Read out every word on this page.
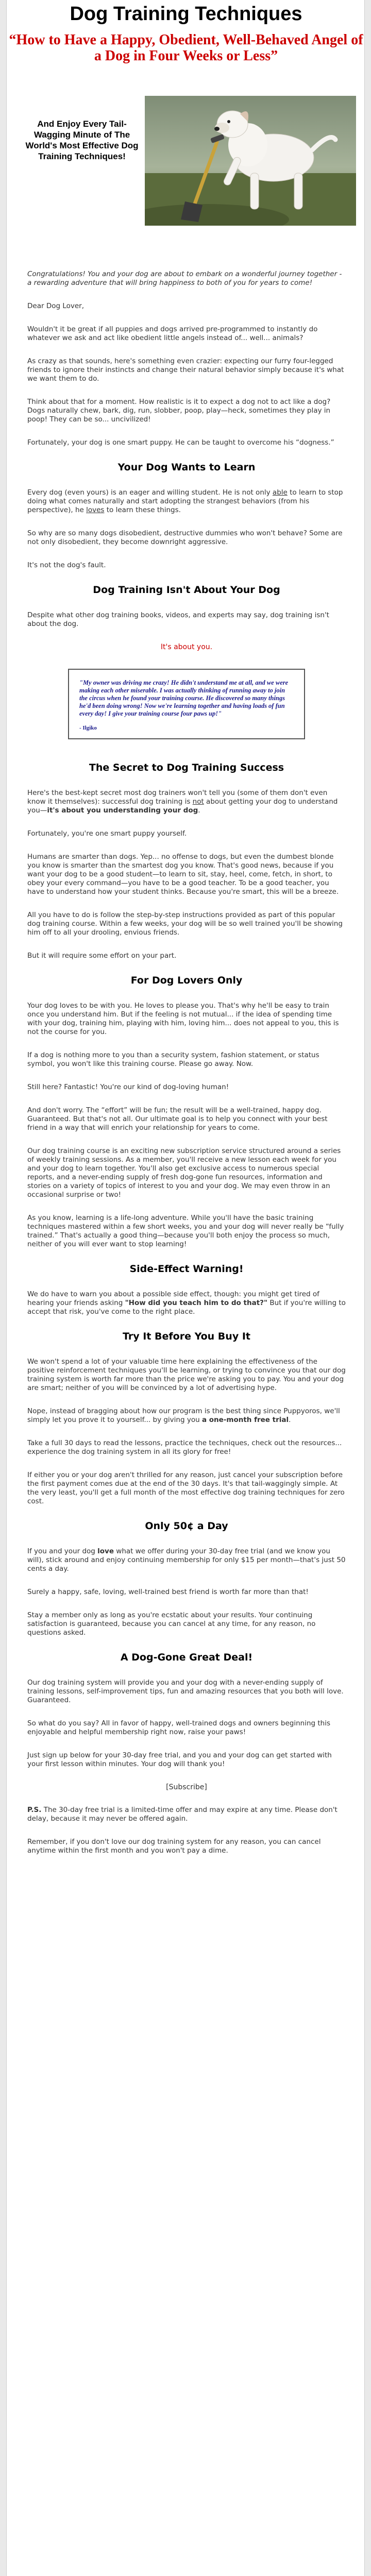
Dog Training Techniques
“How to Have a Happy, Obedient, Well-Behaved Angel of a Dog in Four Weeks or Less”
And Enjoy Every Tail-Wagging Minute of The World's Most Effective Dog Training Techniques!

Congratulations! You and your dog are about to embark on a wonderful journey together - a rewarding adventure that will bring happiness to both of you for years to come!

Dear Dog Lover,

Wouldn't it be great if all puppies and dogs arrived pre-programmed to instantly do whatever we ask and act like obedient little angels instead of... well... animals?

As crazy as that sounds, here's something even crazier: expecting our furry four-legged friends to ignore their instincts and change their natural behavior simply because it's what we want them to do.

Think about that for a moment. How realistic is it to expect a dog not to act like a dog? Dogs naturally chew, bark, dig, run, slobber, poop, play—heck, sometimes they play in poop! They can be so... uncivilized!

Fortunately, your dog is one smart puppy. He can be taught to overcome his “dogness.”

Your Dog Wants to Learn

Every dog (even yours) is an eager and willing student. He is not only able to learn to stop doing what comes naturally and start adopting the strangest behaviors (from his perspective), he loves to learn these things.

So why are so many dogs disobedient, destructive dummies who won't behave? Some are not only disobedient, they become downright aggressive.

It's not the dog's fault.

Dog Training Isn't About Your Dog

Despite what other dog training books, videos, and experts may say, dog training isn't about the dog.

It's about you.
"My owner was driving me crazy! He didn't understand me at all, and we were making each other miserable. I was actually thinking of running away to join the circus when he found your training course. He discovered so many things he'd been doing wrong! Now we're learning together and having loads of fun every day! I give your training course four paws up!"
- Ilgiko
The Secret to Dog Training Success

Here's the best-kept secret most dog trainers won't tell you (some of them don't even know it themselves): successful dog training is not about getting your dog to understand you—it's about you understanding your dog.

Fortunately, you're one smart puppy yourself.

Humans are smarter than dogs. Yep... no offense to dogs, but even the dumbest blonde you know is smarter than the smartest dog you know. That's good news, because if you want your dog to be a good student—to learn to sit, stay, heel, come, fetch, in short, to obey your every command—you have to be a good teacher. To be a good teacher, you have to understand how your student thinks. Because you're smart, this will be a breeze.

All you have to do is follow the step-by-step instructions provided as part of this popular dog training course. Within a few weeks, your dog will be so well trained you'll be showing him off to all your drooling, envious friends.

But it will require some effort on your part.

For Dog Lovers Only

Your dog loves to be with you. He loves to please you. That's why he'll be easy to train once you understand him. But if the feeling is not mutual... if the idea of spending time with your dog, training him, playing with him, loving him... does not appeal to you, this is not the course for you.

If a dog is nothing more to you than a security system, fashion statement, or status symbol, you won't like this training course. Please go away. Now.

Still here? Fantastic! You're our kind of dog-loving human!

And don't worry. The “effort” will be fun; the result will be a well-trained, happy dog. Guaranteed. But that's not all. Our ultimate goal is to help you connect with your best friend in a way that will enrich your relationship for years to come.

Our dog training course is an exciting new subscription service structured around a series of weekly training sessions. As a member, you'll receive a new lesson each week for you and your dog to learn together. You'll also get exclusive access to numerous special reports, and a never-ending supply of fresh dog-gone fun resources, information and stories on a variety of topics of interest to you and your dog. We may even throw in an occasional surprise or two!

As you know, learning is a life-long adventure. While you'll have the basic training techniques mastered within a few short weeks, you and your dog will never really be “fully trained.” That's actually a good thing—because you'll both enjoy the process so much, neither of you will ever want to stop learning!

Side-Effect Warning!

We do have to warn you about a possible side effect, though: you might get tired of hearing your friends asking "How did you teach him to do that?" But if you're willing to accept that risk, you've come to the right place.

Try It Before You Buy It

We won't spend a lot of your valuable time here explaining the effectiveness of the positive reinforcement techniques you'll be learning, or trying to convince you that our dog training system is worth far more than the price we're asking you to pay. You and your dog are smart; neither of you will be convinced by a lot of advertising hype.

Nope, instead of bragging about how our program is the best thing since Puppyoros, we'll simply let you prove it to yourself... by giving you a one-month free trial.

Take a full 30 days to read the lessons, practice the techniques, check out the resources... experience the dog training system in all its glory for free!

If either you or your dog aren't thrilled for any reason, just cancel your subscription before the first payment comes due at the end of the 30 days. It's that tail-waggingly simple. At the very least, you'll get a full month of the most effective dog training techniques for zero cost.

Only 50¢ a Day

If you and your dog love what we offer during your 30-day free trial (and we know you will), stick around and enjoy continuing membership for only $15 per month—that's just 50 cents a day.

Surely a happy, safe, loving, well-trained best friend is worth far more than that!

Stay a member only as long as you're ecstatic about your results. Your continuing satisfaction is guaranteed, because you can cancel at any time, for any reason, no questions asked.

A Dog-Gone Great Deal!

Our dog training system will provide you and your dog with a never-ending supply of training lessons, self-improvement tips, fun and amazing resources that you both will love. Guaranteed.

So what do you say? All in favor of happy, well-trained dogs and owners beginning this enjoyable and helpful membership right now, raise your paws!

Just sign up below for your 30-day free trial, and you and your dog can get started with your first lesson within minutes. Your dog will thank you!

[Subscribe]

P.S. The 30-day free trial is a limited-time offer and may expire at any time. Please don't delay, because it may never be offered again.

Remember, if you don't love our dog training system for any reason, you can cancel anytime within the first month and you won't pay a dime.
